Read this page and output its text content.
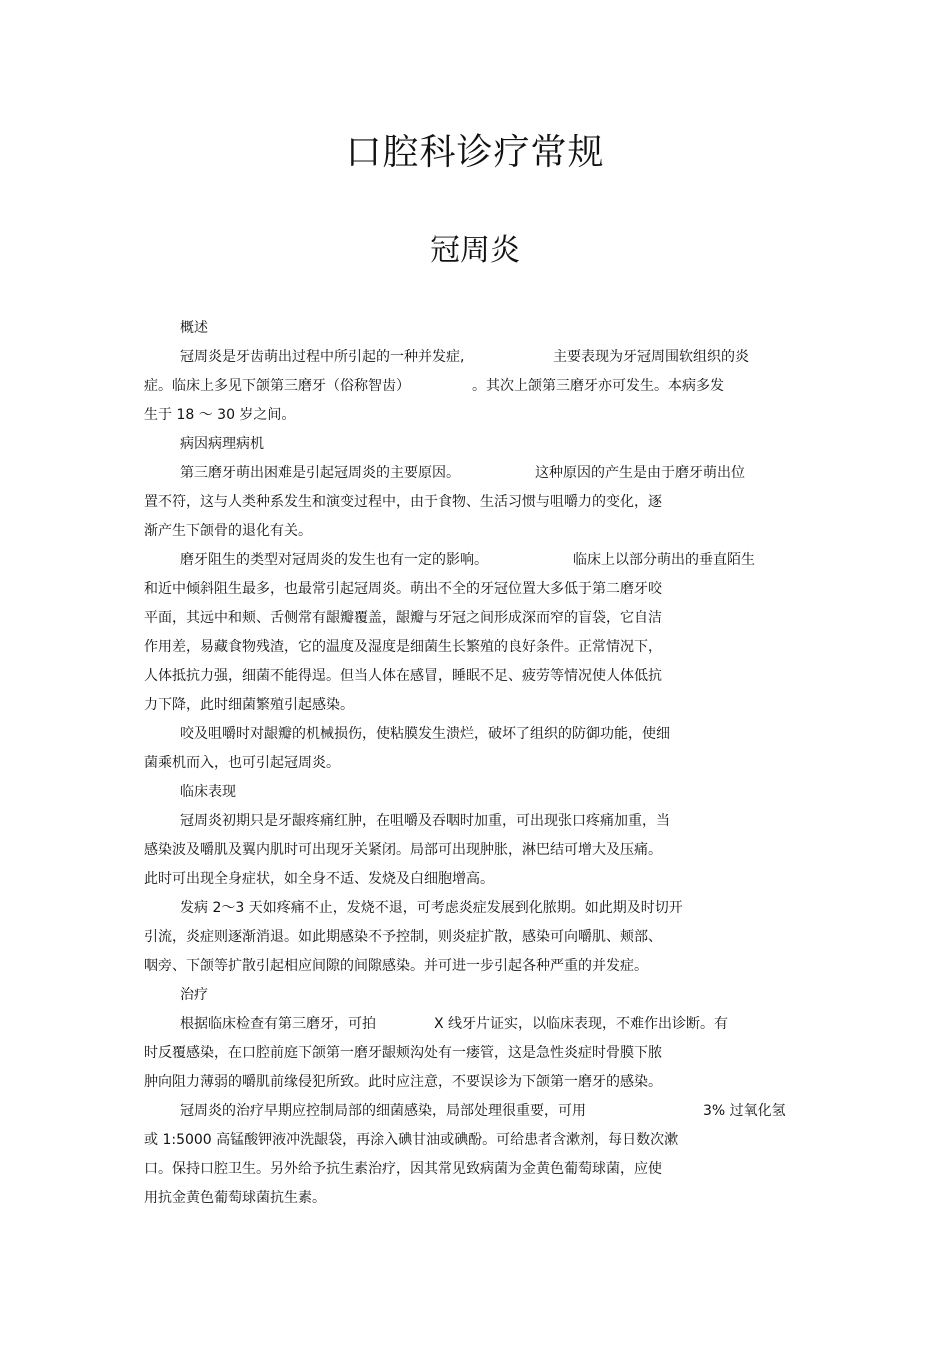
口腔科诊疗常规
冠周炎
概述
冠周炎是牙齿萌出过程中所引起的一种并发症,	主要表现为牙冠周围软组织的炎
症。临床上多见下颌第三磨牙（俗称智齿）	。其次上颌第三磨牙亦可发生。本病多发
生于 18 ～ 30 岁之间。
病因病理病机
第三磨牙萌出困难是引起冠周炎的主要原因。	这种原因的产生是由于磨牙萌出位
置不符，这与人类种系发生和演变过程中，由于食物、生活习惯与咀嚼力的变化，逐
渐产生下颌骨的退化有关。
磨牙阻生的类型对冠周炎的发生也有一定的影响。	临床上以部分萌出的垂直陌生
和近中倾斜阻生最多，也最常引起冠周炎。萌出不全的牙冠位置大多低于第二磨牙咬
平面，其远中和颊、舌侧常有龈瓣覆盖，龈瓣与牙冠之间形成深而窄的盲袋，它自洁
作用差，易藏食物残渣，它的温度及湿度是细菌生长繁殖的良好条件。正常情况下，
人体抵抗力强，细菌不能得逞。但当人体在感冒，睡眠不足、疲劳等情况使人体低抗
力下降，此时细菌繁殖引起感染。
咬及咀嚼时对龈瓣的机械损伤，使粘膜发生溃烂，破坏了组织的防御功能，使细
菌乘机而入，也可引起冠周炎。
临床表现
冠周炎初期只是牙龈疼痛红肿，在咀嚼及吞咽时加重，可出现张口疼痛加重，当
感染波及嚼肌及翼内肌时可出现牙关紧闭。局部可出现肿胀，淋巴结可增大及压痛。
此时可出现全身症状，如全身不适、发烧及白细胞增高。
发病 2～3 天如疼痛不止，发烧不退，可考虑炎症发展到化脓期。如此期及时切开
引流，炎症则逐渐消退。如此期感染不予控制，则炎症扩散，感染可向嚼肌、颊部、
咽旁、下颌等扩散引起相应间隙的间隙感染。并可进一步引起各种严重的并发症。
治疗
根据临床检查有第三磨牙，可拍	X 线牙片证实，以临床表现，不难作出诊断。有
时反覆感染，在口腔前庭下颌第一磨牙龈颊沟处有一瘘管，这是急性炎症时骨膜下脓
肿向阻力薄弱的嚼肌前缘侵犯所致。此时应注意，不要误诊为下颌第一磨牙的感染。
冠周炎的治疗早期应控制局部的细菌感染，局部处理很重要，可用	3% 过氧化氢
或 1:5000 高锰酸钾液冲洗龈袋，再涂入碘甘油或碘酚。可给患者含漱剂，每日数次漱
口。保持口腔卫生。另外给予抗生素治疗，因其常见致病菌为金黄色葡萄球菌，应使
用抗金黄色葡萄球菌抗生素。
